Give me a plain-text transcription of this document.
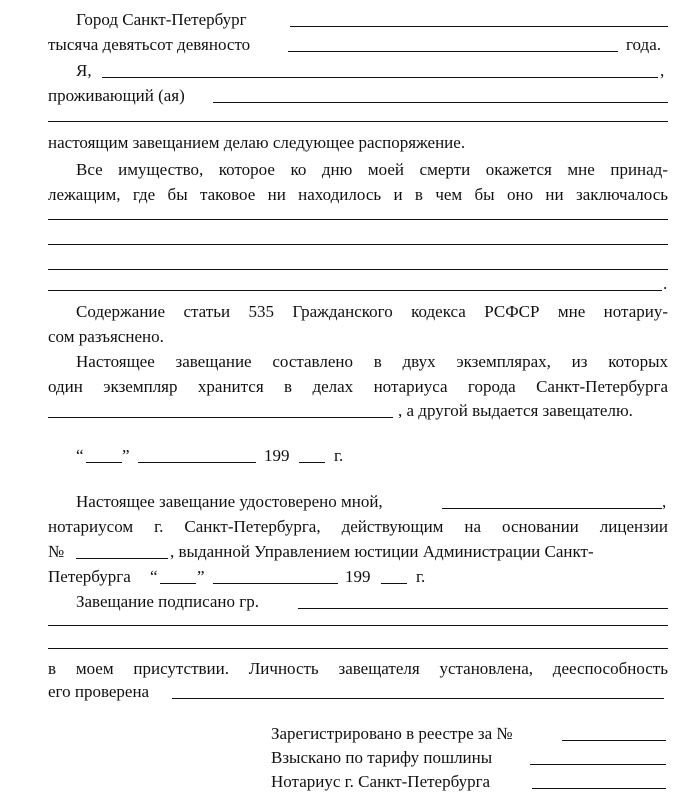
Город Санкт-Петербург
тысяча девятьсот девяносто	года.
Я,	,
проживающий (ая)
настоящим завещанием делаю следующее распоряжение.
Все имущество, которое ко дню моей смерти окажется мне принад-
лежащим, где бы таковое ни находилось и в чем бы оно ни заключалось
.
Содержание статьи 535 Гражданского кодекса РСФСР мне нотариу-
сом разъяснено.
Настоящее завещание составлено в двух экземплярах, из которых
один экземпляр хранится в делах нотариуса города Санкт-Петербурга
, а другой выдается завещателю.
“ ”	199	г.
Настоящее завещание удостоверено мной,	,
нотариусом г. Санкт-Петербурга, действующим на основании лицензии
№	, выданной Управлением юстиции Администрации Санкт-
Петербурга “ ”	199	г.
Завещание подписано гр.
в моем присутствии. Личность завещателя установлена, дееспособность
его проверена
Зарегистрировано в реестре за №
Взыскано по тарифу пошлины
Нотариус г. Санкт-Петербурга
